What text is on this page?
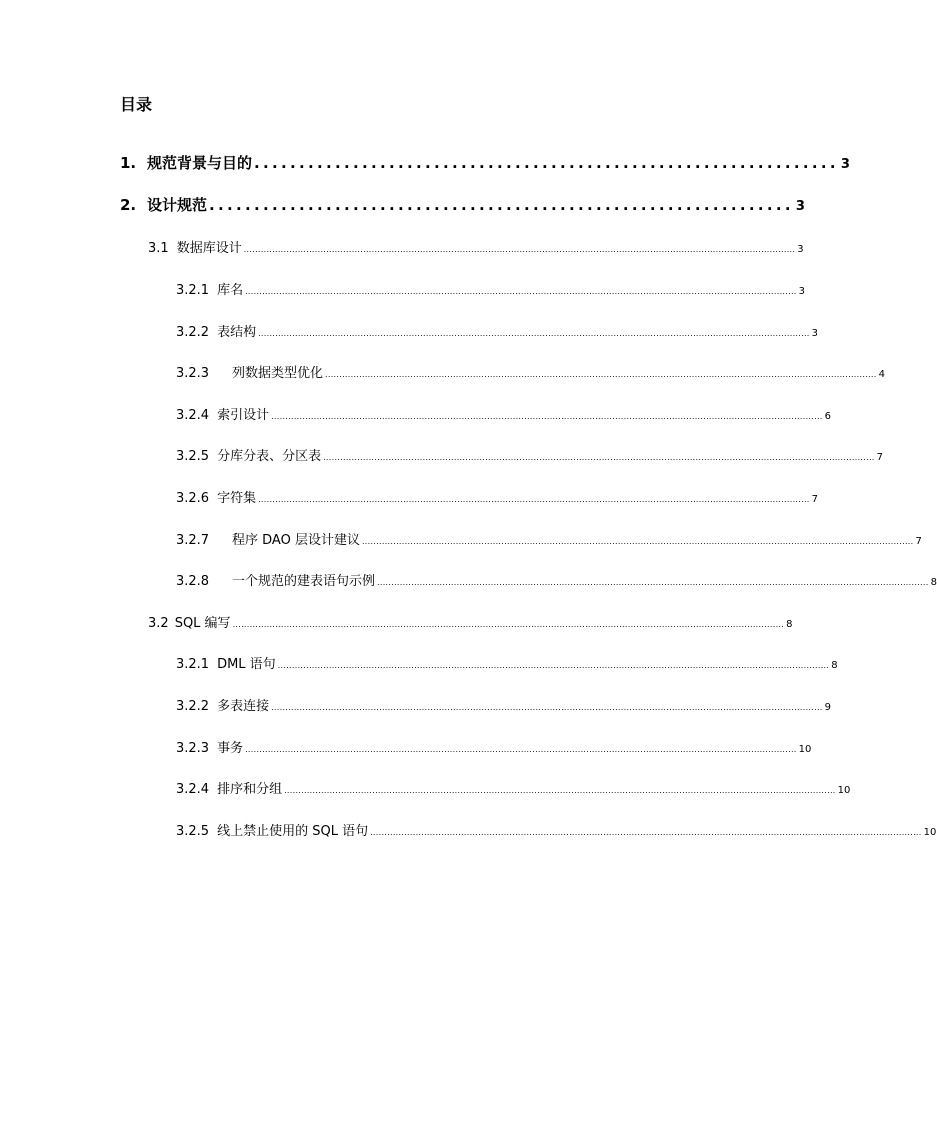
目录
1. 规范背景与目的 ................................................................. 3
2. 设计规范 ................................................................. 3
3.1 数据库设计 .................................................................................................................................................................................................. 3
3.2.1 库名 .................................................................................................................................................................................................. 3
3.2.2 表结构 .................................................................................................................................................................................................. 3
3.2.3	列数据类型优化 .................................................................................................................................................................................................. 4
3.2.4 索引设计 .................................................................................................................................................................................................. 6
3.2.5 分库分表、分区表 .................................................................................................................................................................................................. 7
3.2.6 字符集 .................................................................................................................................................................................................. 7
3.2.7	程序 DAO 层设计建议 .................................................................................................................................................................................................. 7
3.2.8	一个规范的建表语句示例 .................................................................................................................................................................................................. 8
3.2 SQL 编写 .................................................................................................................................................................................................. 8
3.2.1 DML 语句 .................................................................................................................................................................................................. 8
3.2.2 多表连接 .................................................................................................................................................................................................. 9
3.2.3 事务 .................................................................................................................................................................................................. 10
3.2.4 排序和分组 .................................................................................................................................................................................................. 10
3.2.5 线上禁止使用的 SQL 语句 .................................................................................................................................................................................................. 10
